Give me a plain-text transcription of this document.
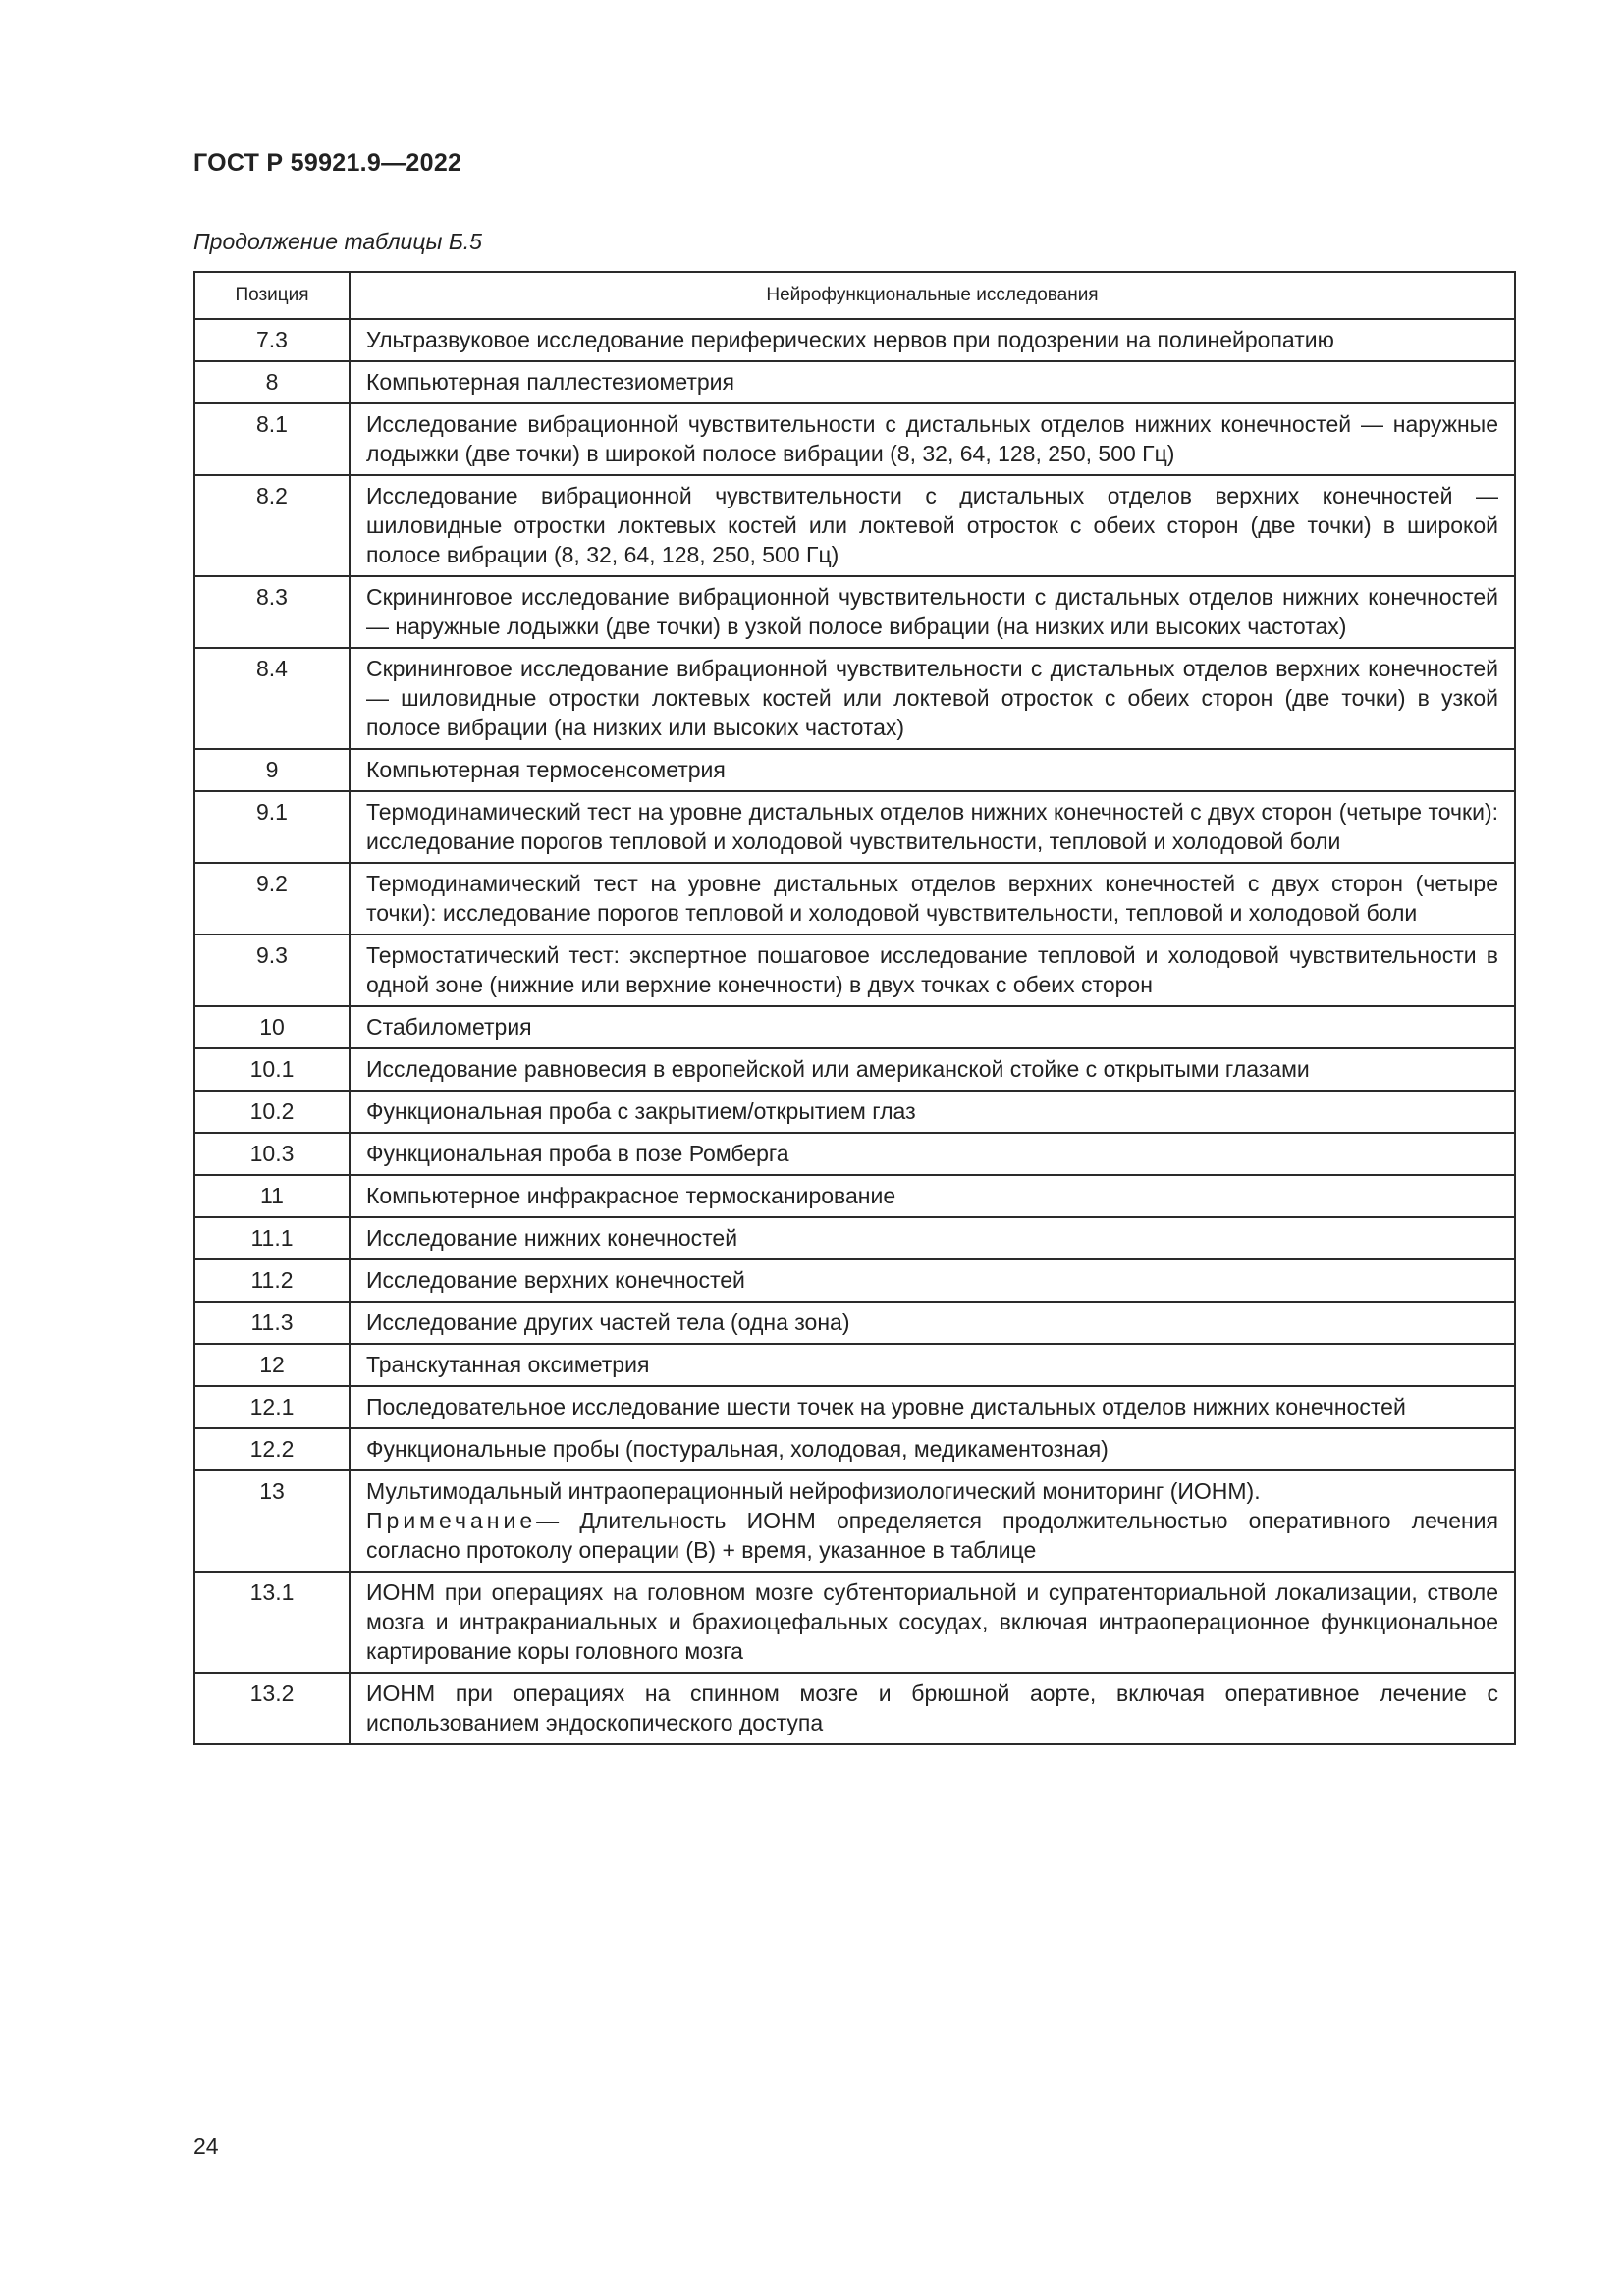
ГОСТ Р 59921.9—2022
Продолжение таблицы Б.5
Позиция	Нейрофункциональные исследования
7.3	Ультразвуковое исследование периферических нервов при подозрении на полинейропатию
8	Компьютерная паллестезиометрия
8.1	Исследование вибрационной чувствительности с дистальных отделов нижних конечностей — наружные лодыжки (две точки) в широкой полосе вибрации (8, 32, 64, 128, 250, 500 Гц)
8.2	Исследование вибрационной чувствительности с дистальных отделов верхних конечностей — шиловидные отростки локтевых костей или локтевой отросток с обеих сторон (две точки) в широкой полосе вибрации (8, 32, 64, 128, 250, 500 Гц)
8.3	Скрининговое исследование вибрационной чувствительности с дистальных отделов нижних конечностей — наружные лодыжки (две точки) в узкой полосе вибрации (на низких или высоких частотах)
8.4	Скрининговое исследование вибрационной чувствительности с дистальных отделов верхних конечностей — шиловидные отростки локтевых костей или локтевой отросток с обеих сторон (две точки) в узкой полосе вибрации (на низких или высоких частотах)
9	Компьютерная термосенсометрия
9.1	Термодинамический тест на уровне дистальных отделов нижних конечностей с двух сторон (четыре точки): исследование порогов тепловой и холодовой чувствительности, тепловой и холодовой боли
9.2	Термодинамический тест на уровне дистальных отделов верхних конечностей с двух сторон (четыре точки): исследование порогов тепловой и холодовой чувствительности, тепловой и холодовой боли
9.3	Термостатический тест: экспертное пошаговое исследование тепловой и холодовой чувствительности в одной зоне (нижние или верхние конечности) в двух точках с обеих сторон
10	Стабилометрия
10.1	Исследование равновесия в европейской или американской стойке с открытыми глазами
10.2	Функциональная проба с закрытием/открытием глаз
10.3	Функциональная проба в позе Ромберга
11	Компьютерное инфракрасное термосканирование
11.1	Исследование нижних конечностей
11.2	Исследование верхних конечностей
11.3	Исследование других частей тела (одна зона)
12	Транскутанная оксиметрия
12.1	Последовательное исследование шести точек на уровне дистальных отделов нижних конечностей
12.2	Функциональные пробы (постуральная, холодовая, медикаментозная)
13	Мультимодальный интраоперационный нейрофизиологический мониторинг (ИОНМ).
Примечание— Длительность ИОНМ определяется продолжительностью оперативного лечения согласно протоколу операции (В) + время, указанное в таблице

13.1	ИОНМ при операциях на головном мозге субтенториальной и супратенториальной локализации, стволе мозга и интракраниальных и брахиоцефальных сосудах, включая интраоперационное функциональное картирование коры головного мозга
13.2	ИОНМ при операциях на спинном мозге и брюшной аорте, включая оперативное лечение с использованием эндоскопического доступа
24
